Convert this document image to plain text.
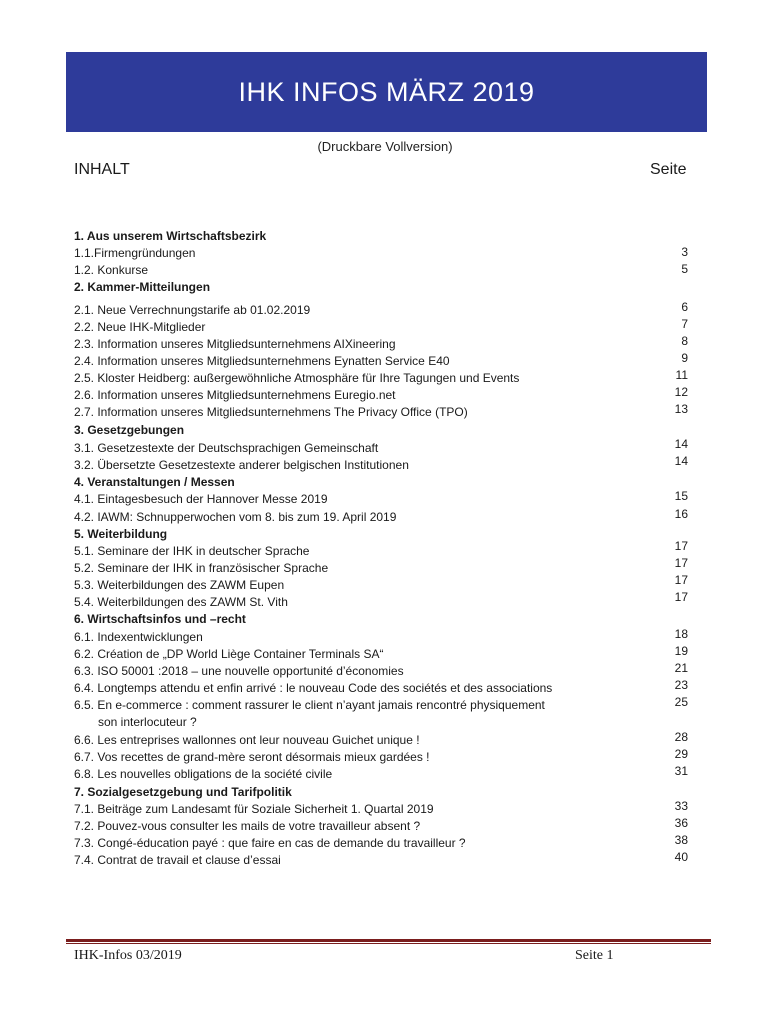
IHK INFOS MÄRZ 2019
(Druckbare Vollversion)
INHALT	Seite
1. Aus unserem Wirtschaftsbezirk
1.1.Firmengründungen	3
1.2. Konkurse	5
2. Kammer-Mitteilungen
2.1. Neue Verrechnungstarife ab 01.02.2019	6
2.2. Neue IHK-Mitglieder	7
2.3. Information unseres Mitgliedsunternehmens AIXineering	8
2.4. Information unseres Mitgliedsunternehmens Eynatten Service E40	9
2.5. Kloster Heidberg: außergewöhnliche Atmosphäre für Ihre Tagungen und Events	11
2.6. Information unseres Mitgliedsunternehmens Euregio.net	12
2.7. Information unseres Mitgliedsunternehmens The Privacy Office (TPO)	13
3. Gesetzgebungen
3.1. Gesetzestexte der Deutschsprachigen Gemeinschaft	14
3.2. Übersetzte Gesetzestexte anderer belgischen Institutionen	14
4. Veranstaltungen / Messen
4.1. Eintagesbesuch der Hannover Messe 2019	15
4.2. IAWM: Schnupperwochen vom 8. bis zum 19. April 2019	16
5. Weiterbildung
5.1. Seminare der IHK in deutscher Sprache	17
5.2. Seminare der IHK in französischer Sprache	17
5.3. Weiterbildungen des ZAWM Eupen	17
5.4. Weiterbildungen des ZAWM St. Vith	17
6. Wirtschaftsinfos und –recht
6.1. Indexentwicklungen	18
6.2. Création de „DP World Liège Container Terminals SA“	19
6.3. ISO 50001 :2018 – une nouvelle opportunité d’économies	21
6.4. Longtemps attendu et enfin arrivé : le nouveau Code des sociétés et des associations	23
6.5. En e-commerce : comment rassurer le client n’ayant jamais rencontré physiquement	25
son interlocuteur ?
6.6. Les entreprises wallonnes ont leur nouveau Guichet unique !	28
6.7. Vos recettes de grand-mère seront désormais mieux gardées !	29
6.8. Les nouvelles obligations de la société civile	31
7. Sozialgesetzgebung und Tarifpolitik
7.1. Beiträge zum Landesamt für Soziale Sicherheit 1. Quartal 2019	33
7.2. Pouvez-vous consulter les mails de votre travailleur absent ?	36
7.3. Congé-éducation payé : que faire en cas de demande du travailleur ?	38
7.4. Contrat de travail et clause d’essai	40
IHK-Infos 03/2019	Seite 1
